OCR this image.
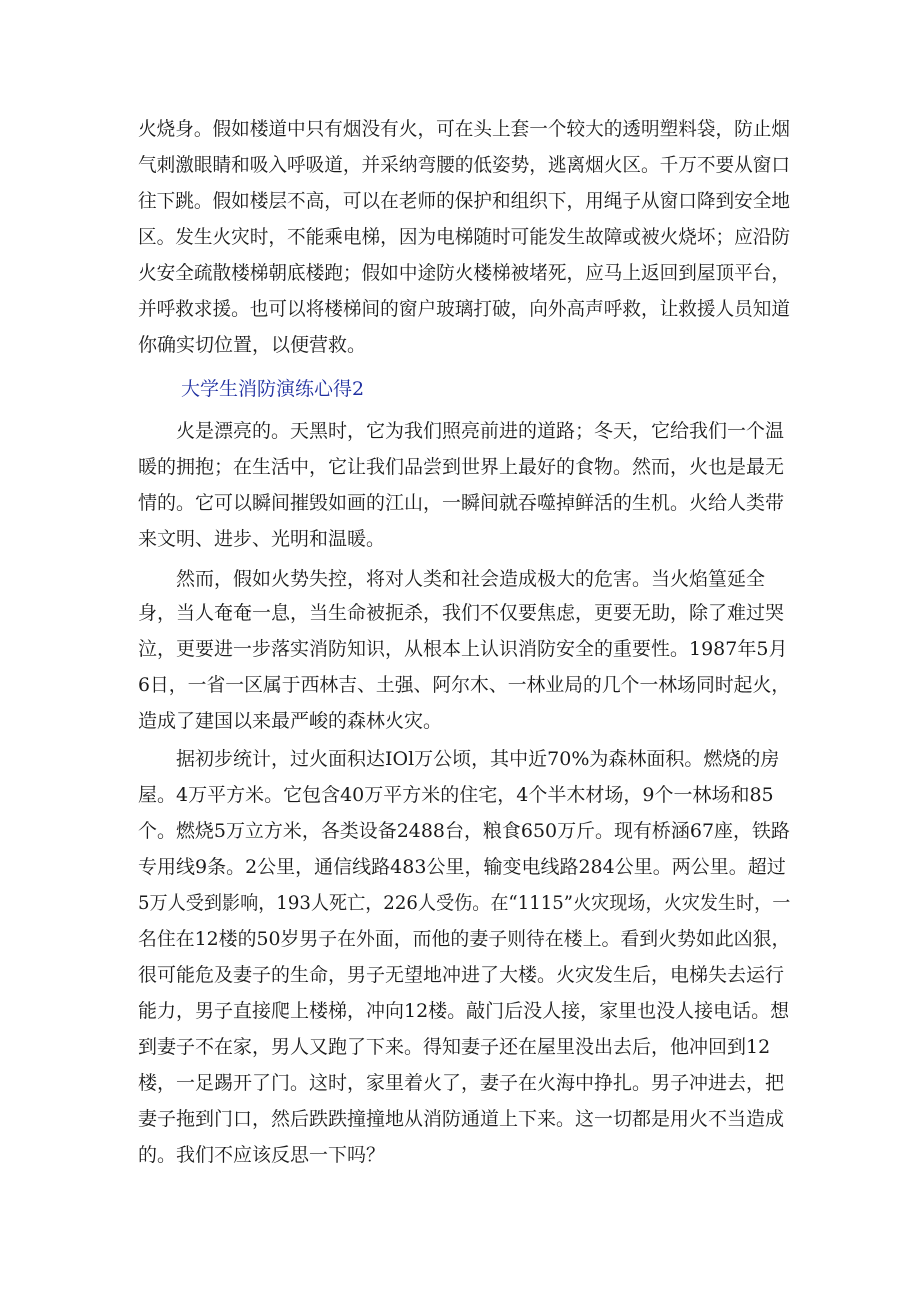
火烧身。假如楼道中只有烟没有火，可在头上套一个较大的透明塑料袋，防止烟
气刺激眼睛和吸入呼吸道，并采纳弯腰的低姿势，逃离烟火区。千万不要从窗口
往下跳。假如楼层不高，可以在老师的保护和组织下，用绳子从窗口降到安全地
区。发生火灾时，不能乘电梯，因为电梯随时可能发生故障或被火烧坏；应沿防
火安全疏散楼梯朝底楼跑；假如中途防火楼梯被堵死，应马上返回到屋顶平台，
并呼救求援。也可以将楼梯间的窗户玻璃打破，向外高声呼救，让救援人员知道
你确实切位置，以便营救。
大学生消防演练心得2
火是漂亮的。天黑时，它为我们照亮前进的道路；冬天，它给我们一个温
暖的拥抱；在生活中，它让我们品尝到世界上最好的食物。然而，火也是最无
情的。它可以瞬间摧毁如画的江山，一瞬间就吞噬掉鲜活的生机。火给人类带
来文明、进步、光明和温暖。
然而，假如火势失控，将对人类和社会造成极大的危害。当火焰篁延全
身，当人奄奄一息，当生命被扼杀，我们不仅要焦虑，更要无助，除了难过哭
泣，更要进一步落实消防知识，从根本上认识消防安全的重要性。1987年5月
6日，一省一区属于西林吉、土强、阿尔木、一林业局的几个一林场同时起火，
造成了建国以来最严峻的森林火灾。
据初步统计，过火面积达IOl万公顷，其中近70%为森林面积。燃烧的房
屋。4万平方米。它包含40万平方米的住宅，4个半木材场，9个一林场和85
个。燃烧5万立方米，各类设备2488台，粮食650万斤。现有桥涵67座，铁路
专用线9条。2公里，通信线路483公里，输变电线路284公里。两公里。超过
5万人受到影响，193人死亡，226人受伤。在“1115”火灾现场，火灾发生时，一
名住在12楼的50岁男子在外面，而他的妻子则待在楼上。看到火势如此凶狠，
很可能危及妻子的生命，男子无望地冲进了大楼。火灾发生后，电梯失去运行
能力，男子直接爬上楼梯，冲向12楼。敲门后没人接，家里也没人接电话。想
到妻子不在家，男人又跑了下来。得知妻子还在屋里没出去后，他冲回到12
楼，一足踢开了门。这时，家里着火了，妻子在火海中挣扎。男子冲进去，把
妻子拖到门口，然后跌跌撞撞地从消防通道上下来。这一切都是用火不当造成
的。我们不应该反思一下吗？
